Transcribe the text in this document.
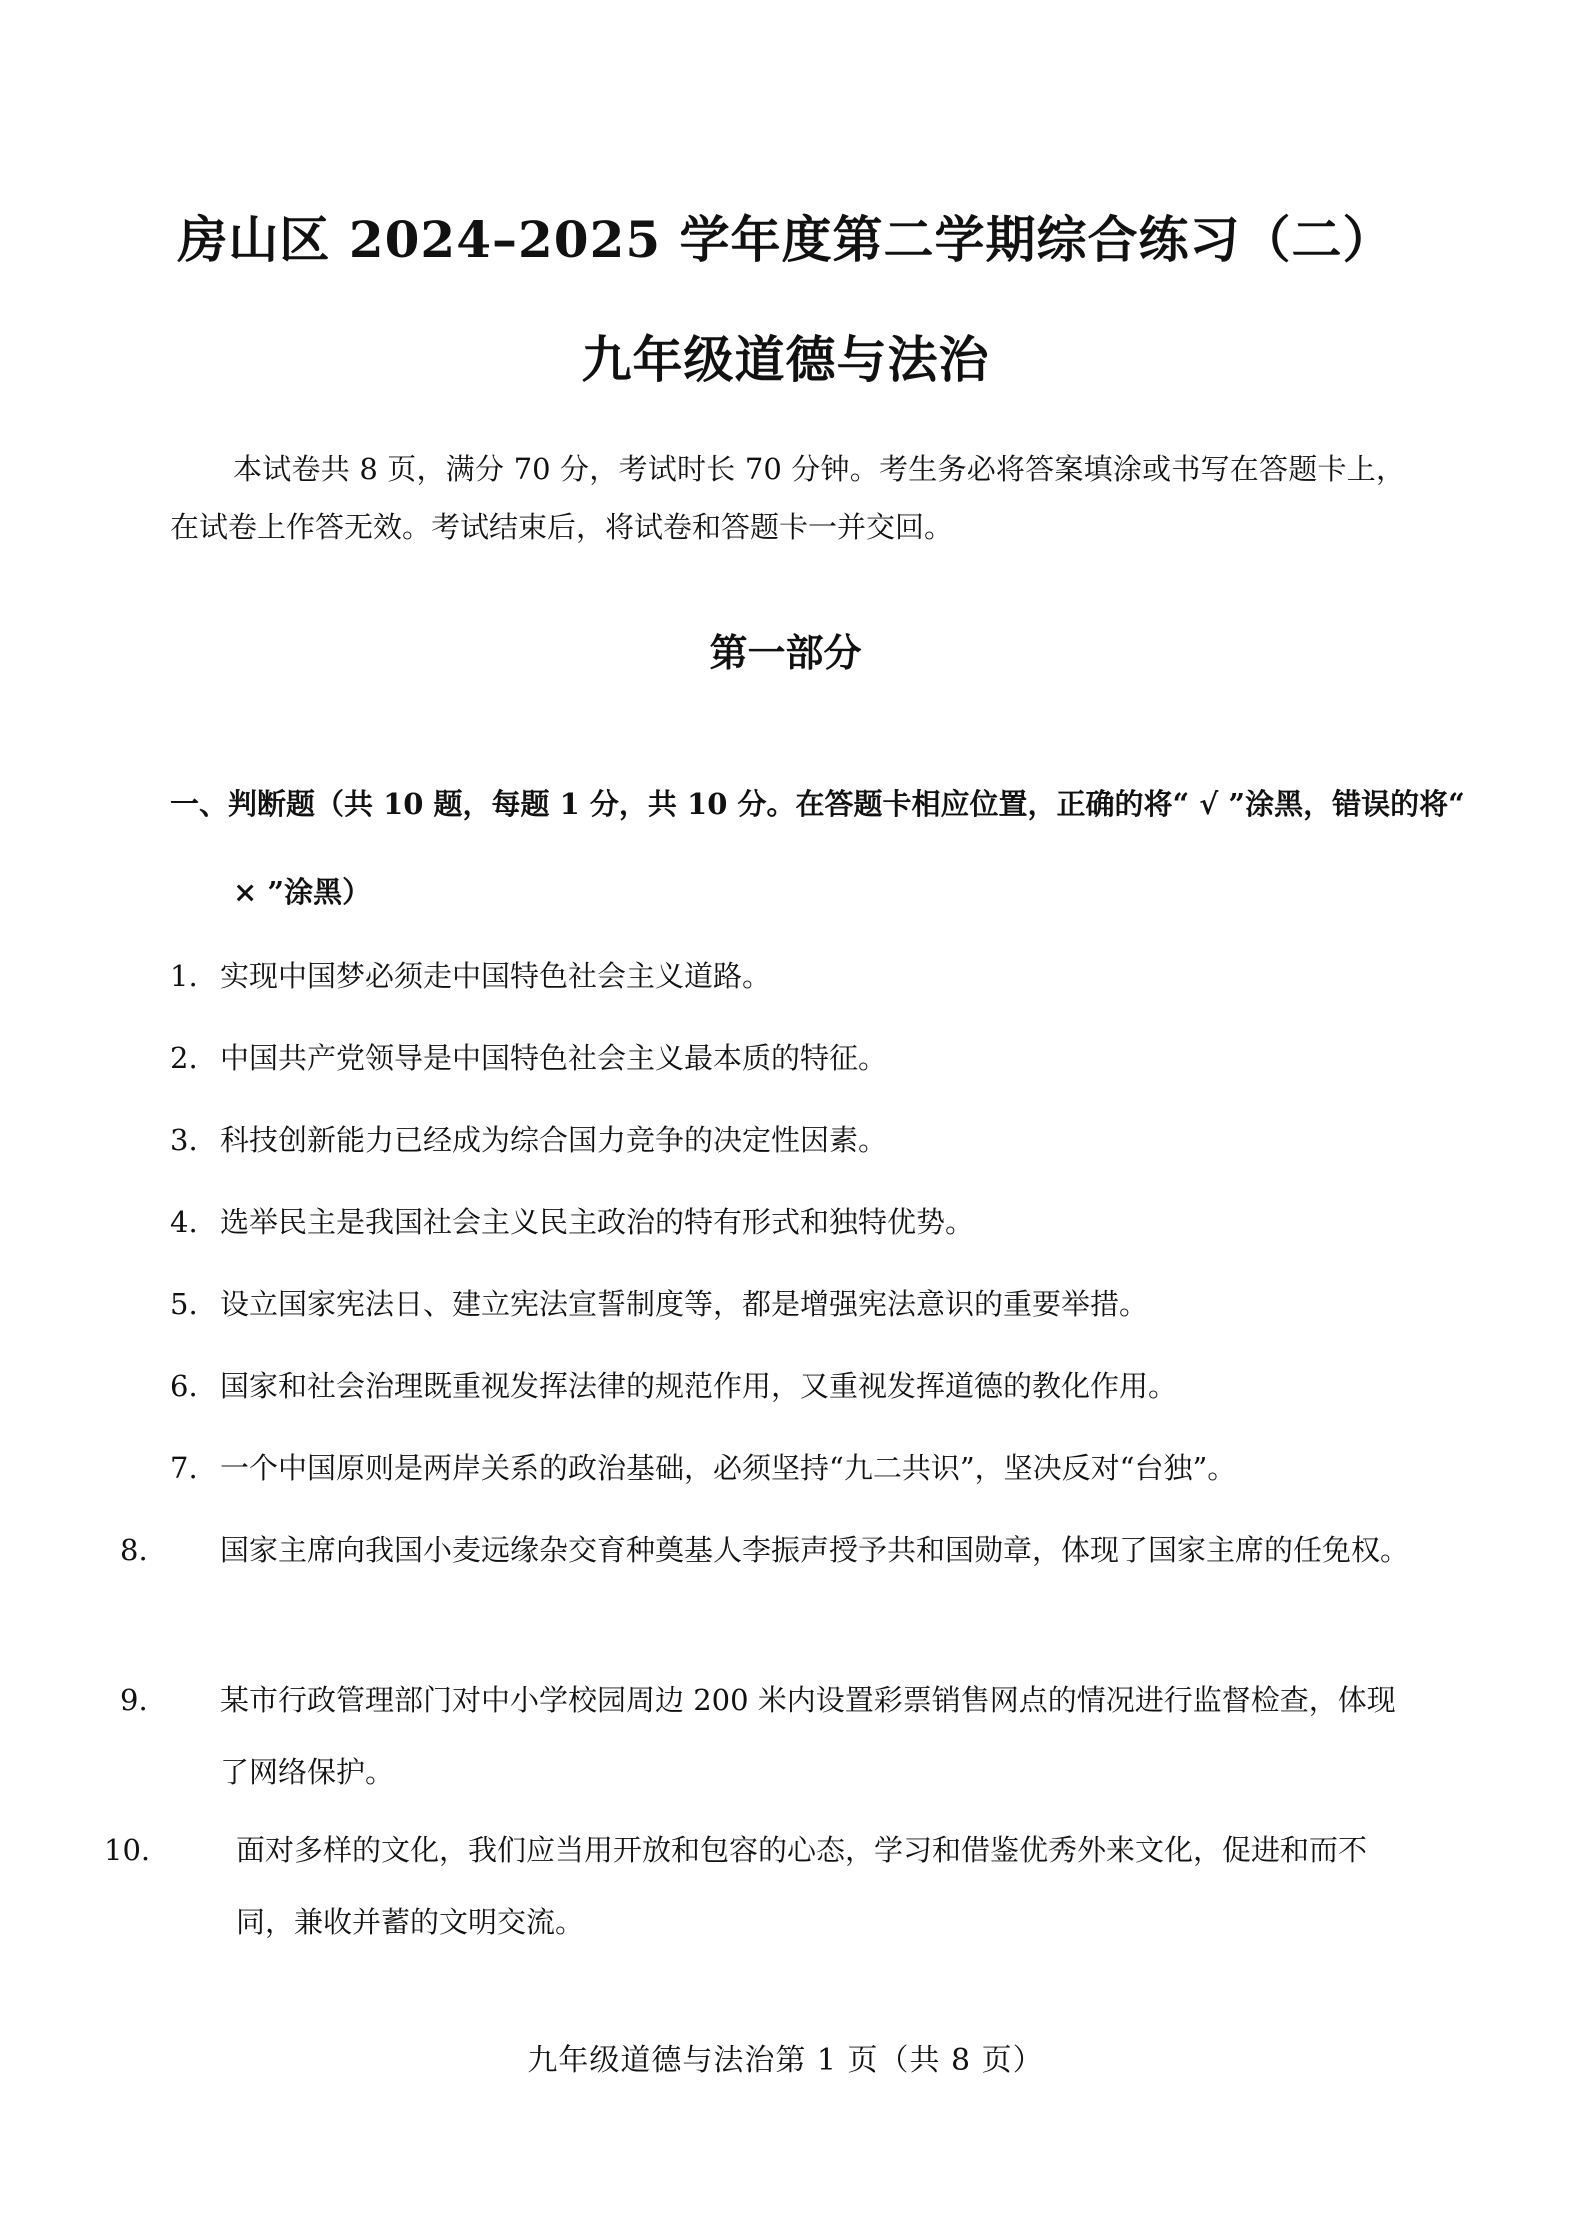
房山区 2024–2025 学年度第二学期综合练习（二）
九年级道德与法治
本试卷共 8 页，满分 70 分，考试时长 70 分钟。考生务必将答案填涂或书写在答题卡上，在试卷上作答无效。考试结束后，将试卷和答题卡一并交回。
第一部分
一、判断题（共 10 题，每题 1 分，共 10 分。在答题卡相应位置，正确的将“ √ ”涂黑，错误的将“ × ”涂黑）
1. 实现中国梦必须走中国特色社会主义道路。
2. 中国共产党领导是中国特色社会主义最本质的特征。
3. 科技创新能力已经成为综合国力竞争的决定性因素。
4. 选举民主是我国社会主义民主政治的特有形式和独特优势。
5. 设立国家宪法日、建立宪法宣誓制度等，都是增强宪法意识的重要举措。
6. 国家和社会治理既重视发挥法律的规范作用，又重视发挥道德的教化作用。
7. 一个中国原则是两岸关系的政治基础，必须坚持“九二共识”，坚决反对“台独”。
8. 国家主席向我国小麦远缘杂交育种奠基人李振声授予共和国勋章，体现了国家主席的任免权。
9. 某市行政管理部门对中小学校园周边 200 米内设置彩票销售网点的情况进行监督检查，体现了网络保护。
10.	面对多样的文化，我们应当用开放和包容的心态，学习和借鉴优秀外来文化，促进和而不同，兼收并蓄的文明交流。
九年级道德与法治第 1 页（共 8 页）
